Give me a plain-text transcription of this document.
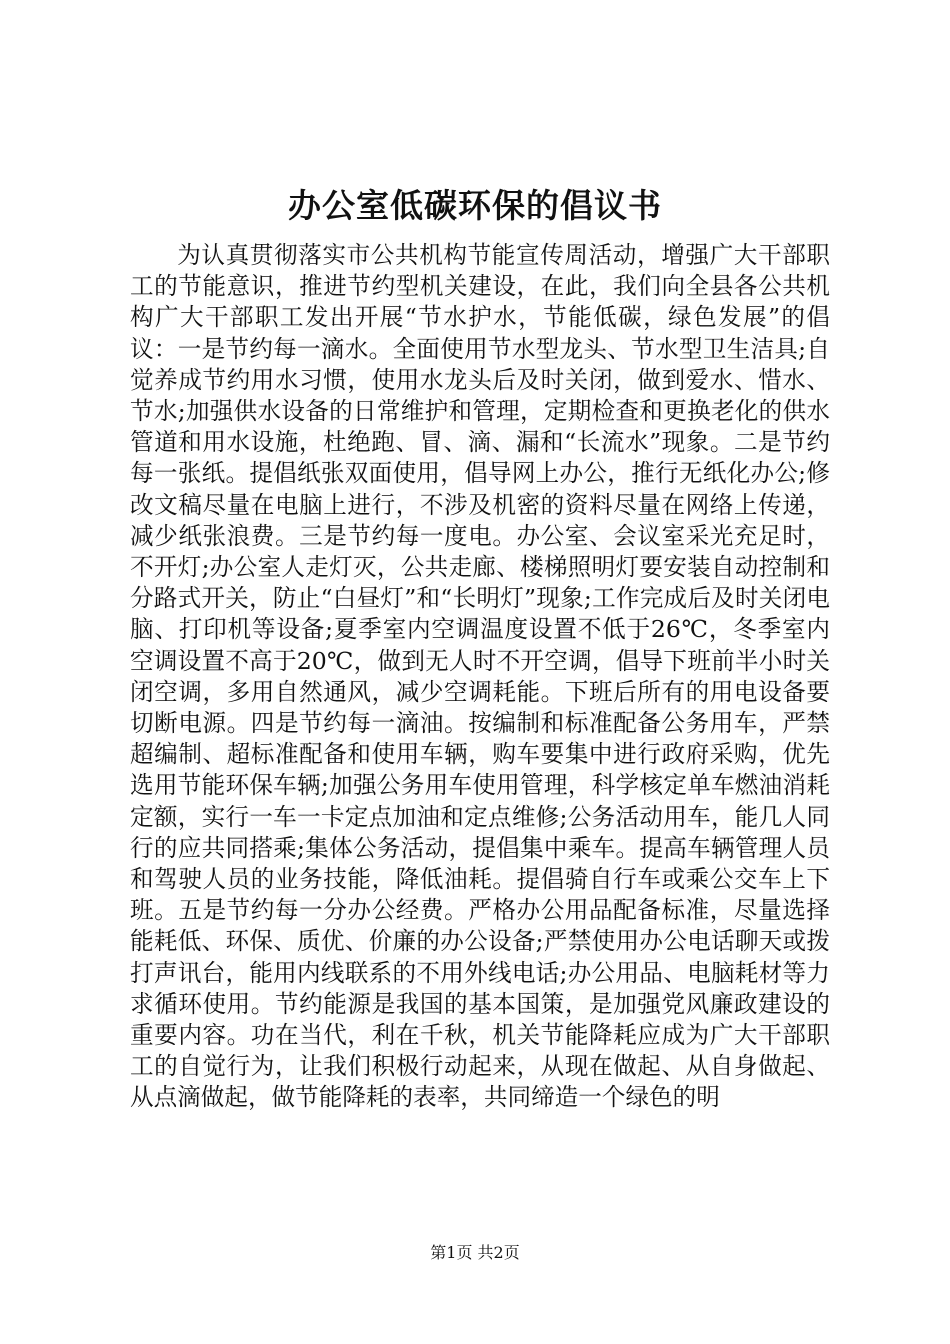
办公室低碳环保的倡议书

为认真贯彻落实市公共机构节能宣传周活动，增强广大干部职工的节能意识，推进节约型机关建设，在此，我们向全县各公共机构广大干部职工发出开展“节水护水，节能低碳，绿色发展”的倡议：一是节约每一滴水。全面使用节水型龙头、节水型卫生洁具;自觉养成节约用水习惯，使用水龙头后及时关闭，做到爱水、惜水、节水;加强供水设备的日常维护和管理，定期检查和更换老化的供水管道和用水设施，杜绝跑、冒、滴、漏和“长流水”现象。二是节约每一张纸。提倡纸张双面使用，倡导网上办公，推行无纸化办公;修改文稿尽量在电脑上进行，不涉及机密的资料尽量在网络上传递，减少纸张浪费。三是节约每一度电。办公室、会议室采光充足时，不开灯;办公室人走灯灭，公共走廊、楼梯照明灯要安装自动控制和分路式开关，防止“白昼灯”和“长明灯”现象;工作完成后及时关闭电脑、打印机等设备;夏季室内空调温度设置不低于26℃，冬季室内空调设置不高于20℃，做到无人时不开空调，倡导下班前半小时关闭空调，多用自然通风，减少空调耗能。下班后所有的用电设备要切断电源。四是节约每一滴油。按编制和标准配备公务用车，严禁超编制、超标准配备和使用车辆，购车要集中进行政府采购，优先选用节能环保车辆;加强公务用车使用管理，科学核定单车燃油消耗定额，实行一车一卡定点加油和定点维修;公务活动用车，能几人同行的应共同搭乘;集体公务活动，提倡集中乘车。提高车辆管理人员和驾驶人员的业务技能，降低油耗。提倡骑自行车或乘公交车上下班。五是节约每一分办公经费。严格办公用品配备标准，尽量选择能耗低、环保、质优、价廉的办公设备;严禁使用办公电话聊天或拨打声讯台，能用内线联系的不用外线电话;办公用品、电脑耗材等力求循环使用。节约能源是我国的基本国策，是加强党风廉政建设的重要内容。功在当代，利在千秋，机关节能降耗应成为广大干部职工的自觉行为，让我们积极行动起来，从现在做起、从自身做起、从点滴做起，做节能降耗的表率，共同缔造一个绿色的明

第1页 共2页
